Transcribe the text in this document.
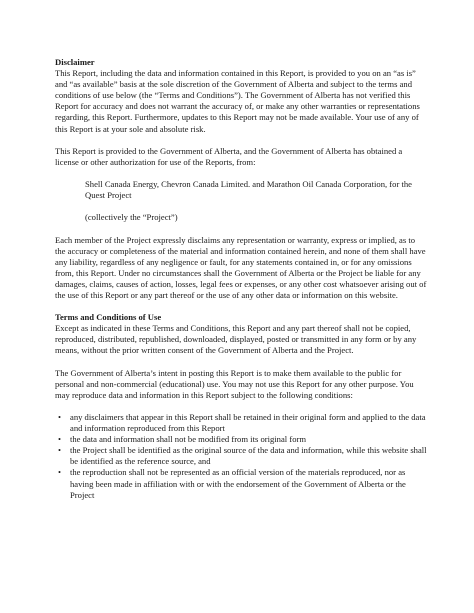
Disclaimer

This Report, including the data and information contained in this Report, is provided to you on an “as is” and “as available” basis at the sole discretion of the Government of Alberta and subject to the terms and conditions of use below (the “Terms and Conditions”). The Government of Alberta has not verified this Report for accuracy and does not warrant the accuracy of, or make any other warranties or representations regarding, this Report. Furthermore, updates to this Report may not be made available. Your use of any of this Report is at your sole and absolute risk.

This Report is provided to the Government of Alberta, and the Government of Alberta has obtained a license or other authorization for use of the Reports, from:

Shell Canada Energy, Chevron Canada Limited. and Marathon Oil Canada Corporation, for the Quest Project

(collectively the “Project”)

Each member of the Project expressly disclaims any representation or warranty, express or implied, as to the accuracy or completeness of the material and information contained herein, and none of them shall have any liability, regardless of any negligence or fault, for any statements contained in, or for any omissions from, this Report. Under no circumstances shall the Government of Alberta or the Project be liable for any damages, claims, causes of action, losses, legal fees or expenses, or any other cost whatsoever arising out of the use of this Report or any part thereof or the use of any other data or information on this website.

Terms and Conditions of Use

Except as indicated in these Terms and Conditions, this Report and any part thereof shall not be copied, reproduced, distributed, republished, downloaded, displayed, posted or transmitted in any form or by any means, without the prior written consent of the Government of Alberta and the Project.

The Government of Alberta’s intent in posting this Report is to make them available to the public for personal and non-commercial (educational) use. You may not use this Report for any other purpose. You may reproduce data and information in this Report subject to the following conditions:

• any disclaimers that appear in this Report shall be retained in their original form and applied to the data and information reproduced from this Report
• the data and information shall not be modified from its original form
• the Project shall be identified as the original source of the data and information, while this website shall be identified as the reference source, and
• the reproduction shall not be represented as an official version of the materials reproduced, nor as having been made in affiliation with or with the endorsement of the Government of Alberta or the Project
